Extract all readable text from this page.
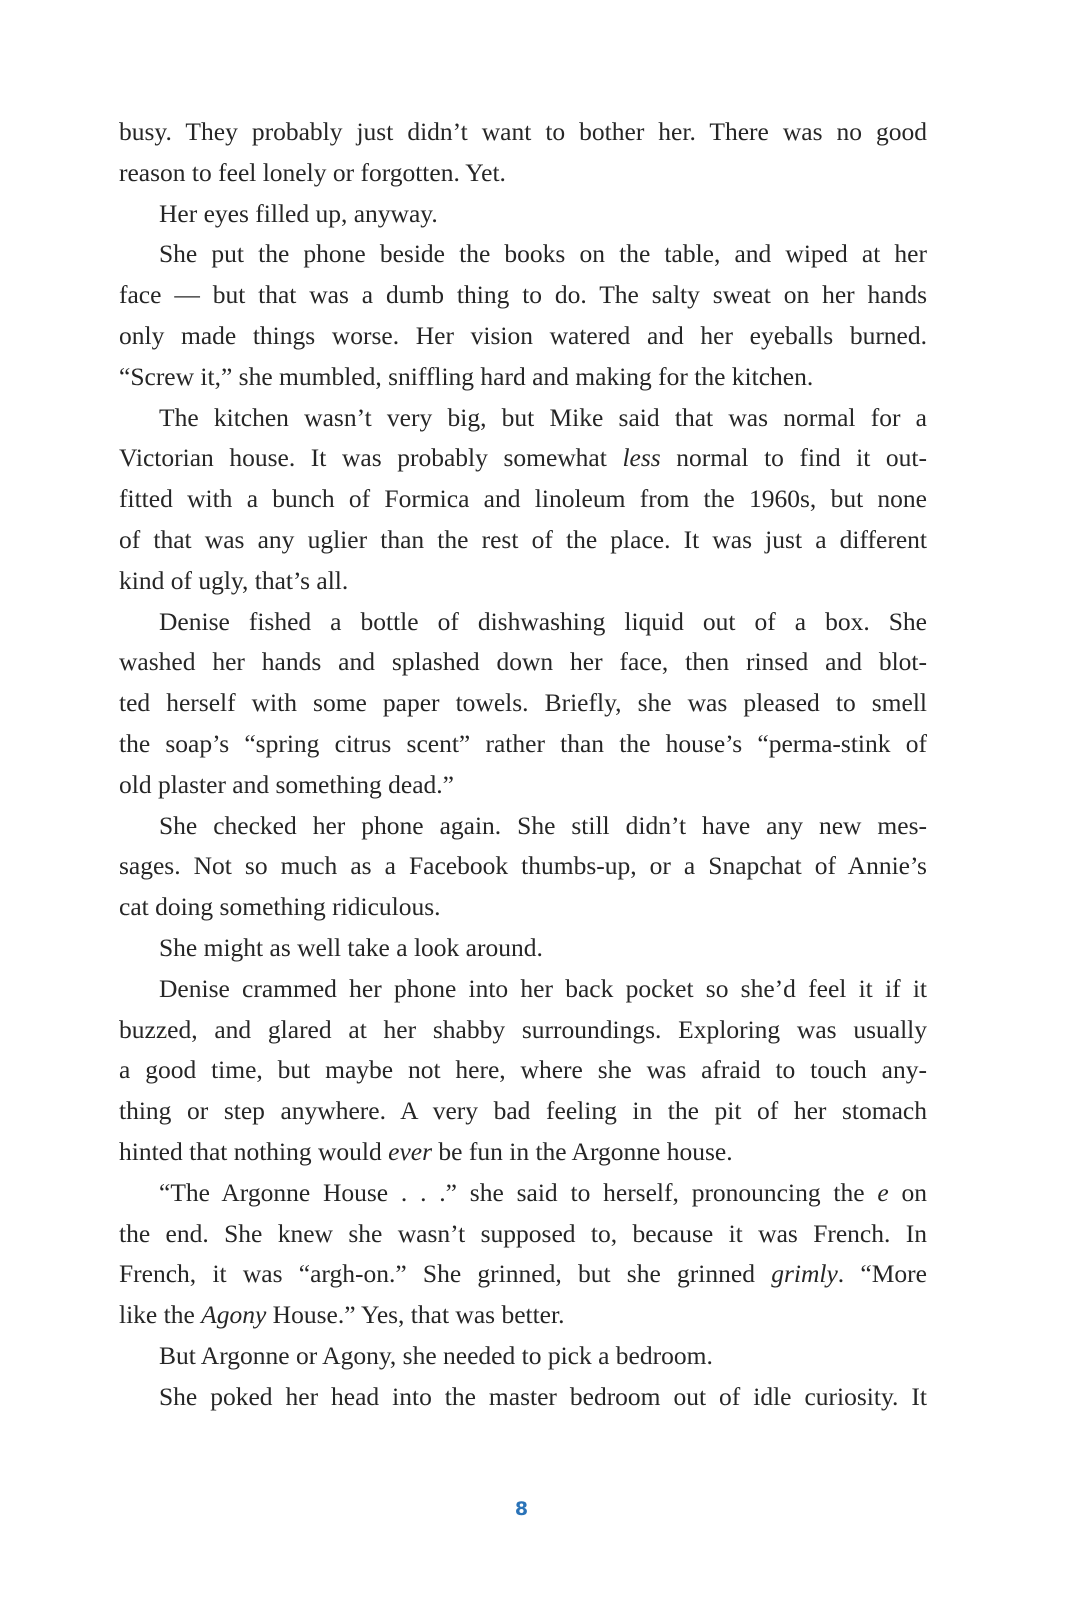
busy. They probably just didn’t want to bother her. There was no good
reason to feel lonely or forgotten. Yet.
Her eyes filled up, anyway.
She put the phone beside the books on the table, and wiped at her
face — but that was a dumb thing to do. The salty sweat on her hands
only made things worse. Her vision watered and her eyeballs burned.
“Screw it,” she mumbled, sniffling hard and making for the kitchen.
The kitchen wasn’t very big, but Mike said that was normal for a
Victorian house. It was probably somewhat less normal to find it out-
fitted with a bunch of Formica and linoleum from the 1960s, but none
of that was any uglier than the rest of the place. It was just a different
kind of ugly, that’s all.
Denise fished a bottle of dishwashing liquid out of a box. She
washed her hands and splashed down her face, then rinsed and blot-
ted herself with some paper towels. Briefly, she was pleased to smell
the soap’s “spring citrus scent” rather than the house’s “perma-stink of
old plaster and something dead.”
She checked her phone again. She still didn’t have any new mes-
sages. Not so much as a Facebook thumbs-up, or a Snapchat of Annie’s
cat doing something ridiculous.
She might as well take a look around.
Denise crammed her phone into her back pocket so she’d feel it if it
buzzed, and glared at her shabby surroundings. Exploring was usually
a good time, but maybe not here, where she was afraid to touch any-
thing or step anywhere. A very bad feeling in the pit of her stomach
hinted that nothing would ever be fun in the Argonne house.
“The Argonne House . . .” she said to herself, pronouncing the e on
the end. She knew she wasn’t supposed to, because it was French. In
French, it was “argh-on.” She grinned, but she grinned grimly. “More
like the Agony House.” Yes, that was better.
But Argonne or Agony, she needed to pick a bedroom.
She poked her head into the master bedroom out of idle curiosity. It
8
